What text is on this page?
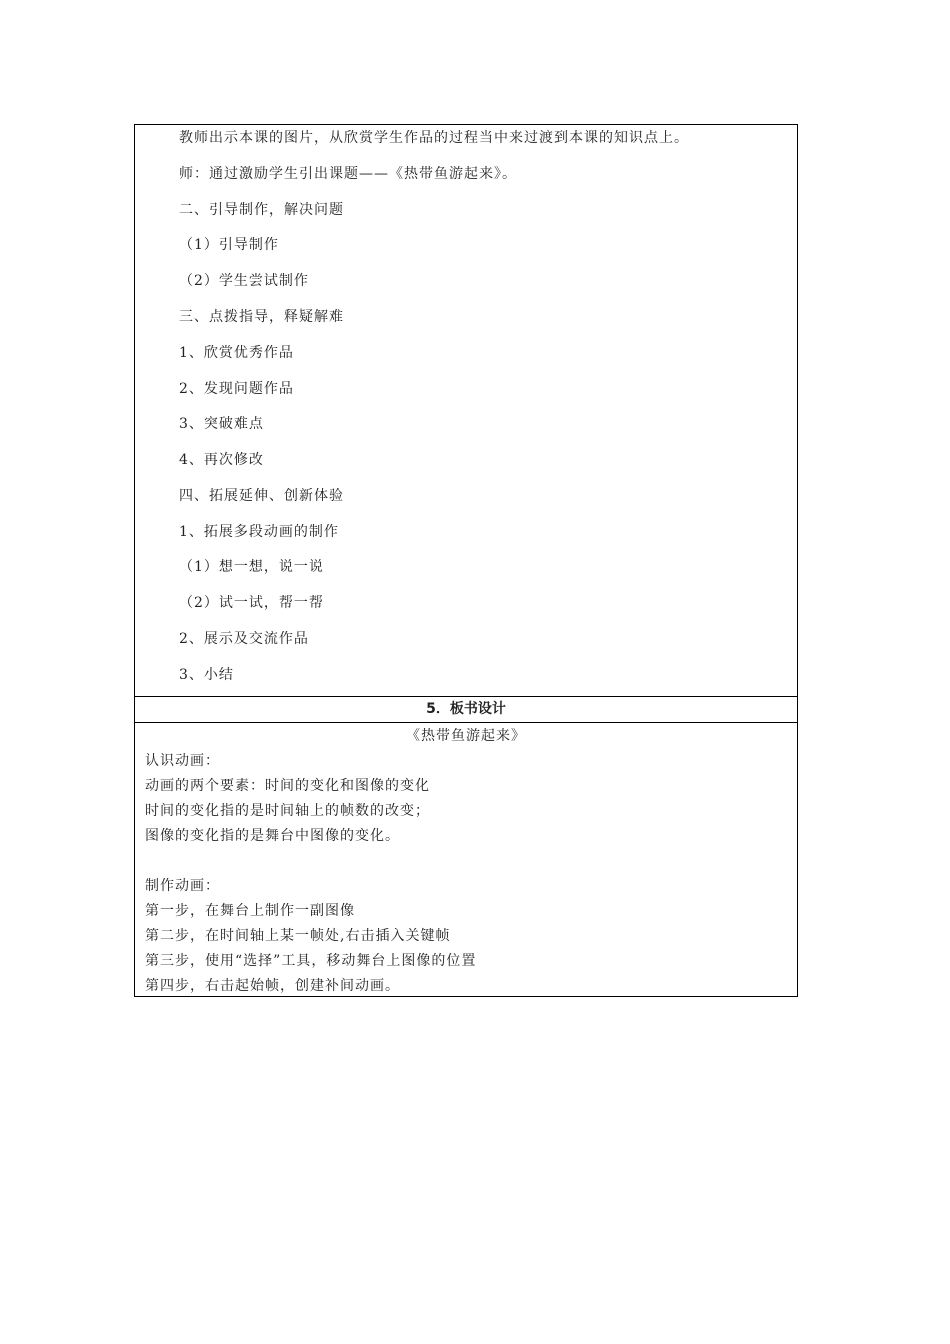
教师出示本课的图片，从欣赏学生作品的过程当中来过渡到本课的知识点上。
师：通过激励学生引出课题——《热带鱼游起来》。
二、引导制作，解决问题
（1）引导制作
（2）学生尝试制作
三、点拨指导，释疑解难
1、欣赏优秀作品
2、发现问题作品
3、突破难点
4、再次修改
四、拓展延伸、创新体验
1、拓展多段动画的制作
（1）想一想，说一说
（2）试一试，帮一帮
2、展示及交流作品
3、小结
5．板书设计
《热带鱼游起来》
认识动画：
动画的两个要素：时间的变化和图像的变化
时间的变化指的是时间轴上的帧数的改变；
图像的变化指的是舞台中图像的变化。
制作动画：
第一步，在舞台上制作一副图像
第二步，在时间轴上某一帧处,右击插入关键帧
第三步，使用“选择”工具，移动舞台上图像的位置
第四步，右击起始帧，创建补间动画。
